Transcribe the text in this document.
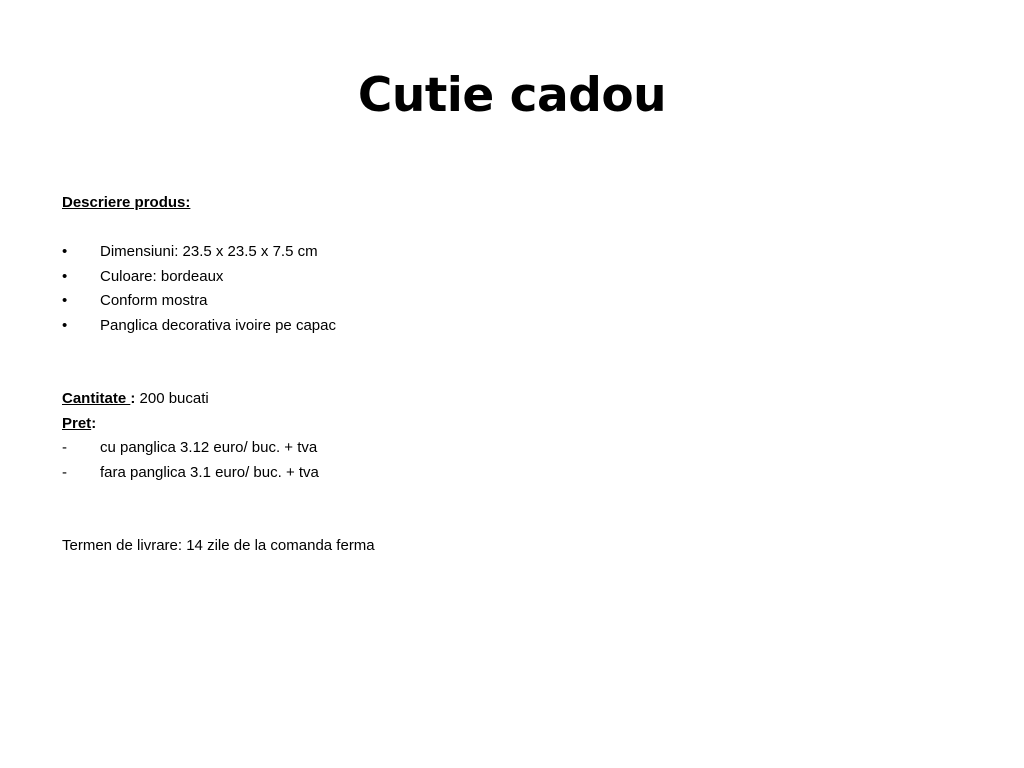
Cutie cadou
Descriere produs:
•	Dimensiuni: 23.5 x 23.5 x 7.5 cm
•	Culoare: bordeaux
•	Conform mostra
•	Panglica decorativa ivoire pe capac
Cantitate : 200 bucati
Pret:
-	cu panglica 3.12 euro/ buc. + tva
-	fara panglica 3.1 euro/ buc. + tva
Termen de livrare: 14 zile de la comanda ferma
